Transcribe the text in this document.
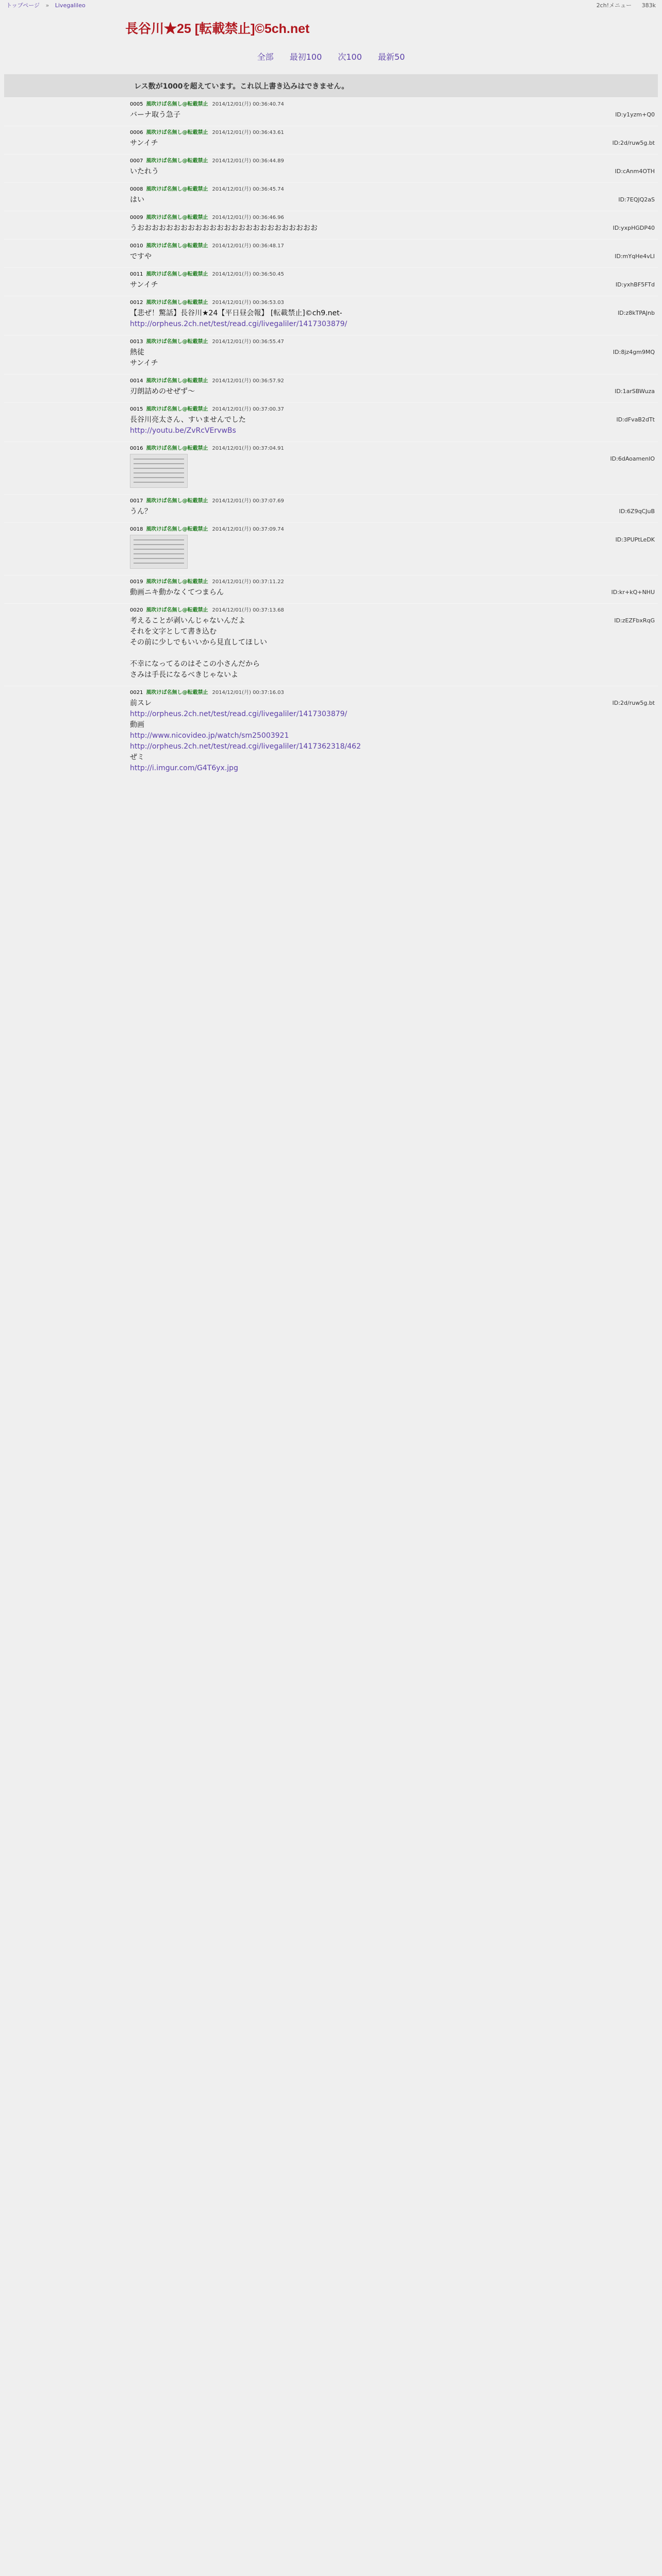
トップページ » Livegalileo	2ch!メニュー 383k
長谷川★25 [転載禁止]©5ch.net
全部 最初100 次100 最新50
レス数が1000を超えています。これ以上書き込みはできません。
0005 風吹けば名無し@転載禁止 2014/12/01(月) 00:36:40.74
ID:y1yzm+Q0
バーナ取う急子
0006 風吹けば名無し@転載禁止 2014/12/01(月) 00:36:43.61
ID:2d/ruw5g.bt
サンイチ
0007 風吹けば名無し@転載禁止 2014/12/01(月) 00:36:44.89
ID:cAnm4OTH
いたれう
0008 風吹けば名無し@転載禁止 2014/12/01(月) 00:36:45.74
ID:7EQJQ2aS
はい
0009 風吹けば名無し@転載禁止 2014/12/01(月) 00:36:46.96
ID:yxpHGDP40
うおおおおおおおおおおおおおおおおおおおおおおおおお
0010 風吹けば名無し@転載禁止 2014/12/01(月) 00:36:48.17
ID:mYqHe4vLI
ですや
0011 風吹けば名無し@転載禁止 2014/12/01(月) 00:36:50.45
ID:yxhBF5FTd
サンイチ
0012 風吹けば名無し@転載禁止 2014/12/01(月) 00:36:53.03
ID:z8kTPAJnb
【悲ぜ！驚話】長谷川★24【平日昼会報】 [転載禁止]©ch9.net-
http://orpheus.2ch.net/test/read.cgi/livegaliler/1417303879/
0013 風吹けば名無し@転載禁止 2014/12/01(月) 00:36:55.47
ID:8jz4gm9MQ
熱徒
サンイチ
0014 風吹けば名無し@転載禁止 2014/12/01(月) 00:36:57.92
ID:1arSBWuza
刃朗詰めのせぜず〜
0015 風吹けば名無し@転載禁止 2014/12/01(月) 00:37:00.37
ID:dFvaB2dTt
長谷川亮太さん、すいませんでした
http://youtu.be/ZvRcVErvwBs
0016 風吹けば名無し@転載禁止 2014/12/01(月) 00:37:04.91
ID:6dAoamenIO
0017 風吹けば名無し@転載禁止 2014/12/01(月) 00:37:07.69
ID:6Z9qCJuB
うん？
0018 風吹けば名無し@転載禁止 2014/12/01(月) 00:37:09.74
ID:3PUPtLeDK
0019 風吹けば名無し@転載禁止 2014/12/01(月) 00:37:11.22
ID:kr+kQ+NHU
動画ニキ動かなくてつまらん
0020 風吹けば名無し@転載禁止 2014/12/01(月) 00:37:13.68
ID:zEZFbxRqG
考えることが剥いんじゃないんだよ
それを文字として書き込む
その前に少しでもいいから見直してほしい

不幸になってるのはそこの小さんだから
さみは手長になるべきじゃないよ
0021 風吹けば名無し@転載禁止 2014/12/01(月) 00:37:16.03
ID:2d/ruw5g.bt
前スレ
http://orpheus.2ch.net/test/read.cgi/livegaliler/1417303879/
動画
http://www.nicovideo.jp/watch/sm25003921
http://orpheus.2ch.net/test/read.cgi/livegaliler/1417362318/462
ぜミ
http://i.imgur.com/G4T6yx.jpg
